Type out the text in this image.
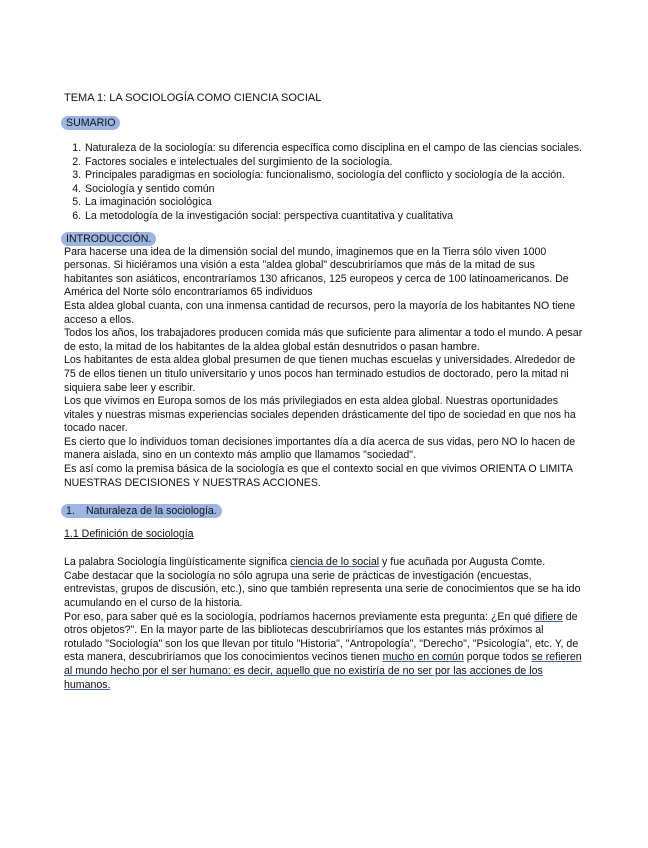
TEMA 1: LA SOCIOLOGÍA COMO CIENCIA SOCIAL
SUMARIO
1. Naturaleza de la sociología: su diferencia específica como disciplina en el campo de las ciencias sociales.
2. Factores sociales e intelectuales del surgimiento de la sociología.
3. Principales paradigmas en sociología: funcionalismo, sociología del conflicto y sociología de la acción.
4. Sociología y sentido común
5. La imaginación sociológica
6. La metodología de la investigación social: perspectiva cuantitativa y cualitativa
INTRODUCCIÓN.

Para hacerse una idea de la dimensión social del mundo, imaginemos que en la Tierra sólo viven 1000 personas. Si hiciéramos una visión a esta "aldea global" descubriríamos que más de la mitad de sus habitantes son asiáticos, encontraríamos 130 africanos, 125 europeos y cerca de 100 latinoamericanos. De América del Norte sólo encontraríamos 65 individuos

Esta aldea global cuanta, con una inmensa cantidad de recursos, pero la mayoría de los habitantes NO tiene acceso a ellos.

Todos los años, los trabajadores producen comida más que suficiente para alimentar a todo el mundo. A pesar de esto, la mitad de los habitantes de la aldea global están desnutridos o pasan hambre.

Los habitantes de esta aldea global presumen de que tienen muchas escuelas y universidades. Alrededor de 75 de ellos tienen un titulo universitario y unos pocos han terminado estudios de doctorado, pero la mitad ni siquiera sabe leer y escribir.

Los que vivimos en Europa somos de los más privilegiados en esta aldea global. Nuestras oportunidades vitales y nuestras mismas experiencias sociales dependen drásticamente del tipo de sociedad en que nos ha tocado nacer.

Es cierto que lo individuos toman decisiones importantes día a día acerca de sus vidas, pero NO lo hacen de manera aislada, sino en un contexto más amplio que llamamos "sociedad".

Es así como la premisa básica de la sociología es que el contexto social en que vivimos ORIENTA O LIMITA NUESTRAS DECISIONES Y NUESTRAS ACCIONES.

1. Naturaleza de la sociología.
1.1 Definición de sociología

La palabra Sociología lingüísticamente significa ciencia de lo social y fue acuñada por Augusta Comte.

Cabe destacar que la sociología no sólo agrupa una serie de prácticas de investigación (encuestas, entrevistas, grupos de discusión, etc.), sino que también representa una serie de conocimientos que se ha ido acumulando en el curso de la historia.

Por eso, para saber qué es la sociología, podríamos hacernos previamente esta pregunta: ¿En qué difiere de otros objetos?". En la mayor parte de las bibliotecas descubriríamos que los estantes más próximos al rotulado "Sociología" son los que llevan por titulo "Historia", "Antropología", "Derecho", "Psicología", etc. Y, de esta manera, descubriríamos que los conocimientos vecinos tienen mucho en común porque todos se refieren al mundo hecho por el ser humano: es decir, aquello que no existiría de no ser por las acciones de los humanos.
